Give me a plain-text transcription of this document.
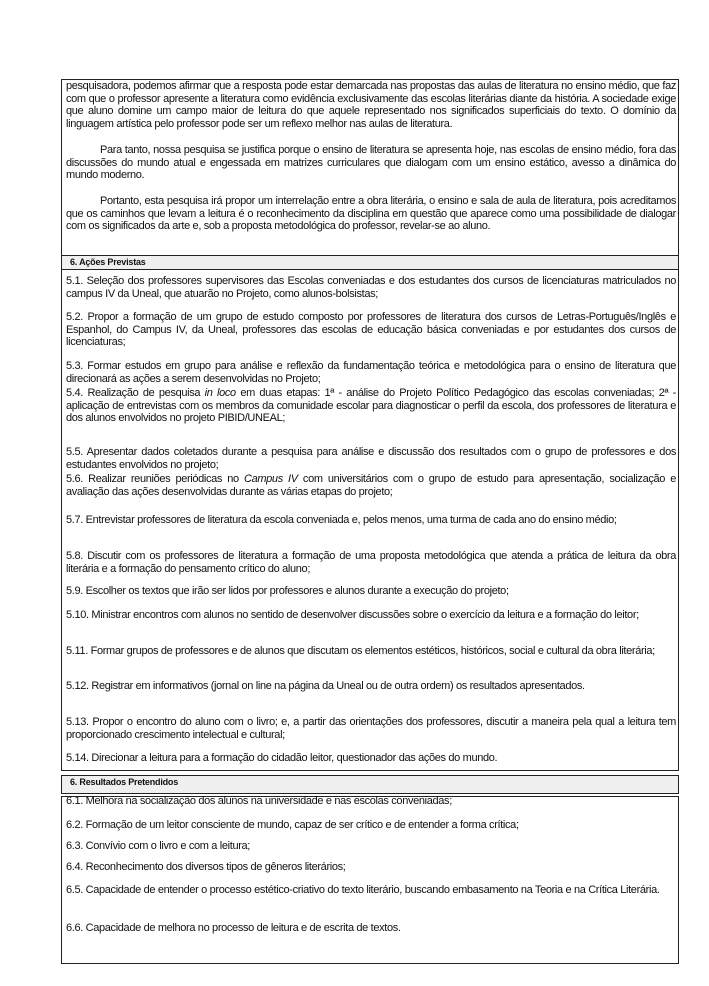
pesquisadora, podemos afirmar que a resposta pode estar demarcada nas propostas das aulas de literatura no ensino médio, que faz com que o professor apresente a literatura como evidência exclusivamente das escolas literárias diante da história. A sociedade exige que aluno domine um campo maior de leitura do que aquele representado nos significados superficiais do texto. O domínio da linguagem artística pelo professor pode ser um reflexo melhor nas aulas de literatura.

Para tanto, nossa pesquisa se justifica porque o ensino de literatura se apresenta hoje, nas escolas de ensino médio, fora das discussões do mundo atual e engessada em matrizes curriculares que dialogam com um ensino estático, avesso a dinâmica do mundo moderno.

Portanto, esta pesquisa irá propor um interrelação entre a obra literária, o ensino e sala de aula de literatura, pois acreditamos que os caminhos que levam a leitura é o reconhecimento da disciplina em questão que aparece como uma possibilidade de dialogar com os significados da arte e, sob a proposta metodológica do professor, revelar-se ao aluno.

6. Ações Previstas

5.1. Seleção dos professores supervisores das Escolas conveniadas e dos estudantes dos cursos de licenciaturas matriculados no campus IV da Uneal, que atuarão no Projeto, como alunos-bolsistas;

5.2. Propor a formação de um grupo de estudo composto por professores de literatura dos cursos de Letras-Português/Inglês e Espanhol, do Campus IV, da Uneal, professores das escolas de educação básica conveniadas e por estudantes dos cursos de licenciaturas;

5.3. Formar estudos em grupo para análise e reflexão da fundamentação teórica e metodológica para o ensino de literatura que direcionará as ações a serem desenvolvidas no Projeto;

5.4. Realização de pesquisa in loco em duas etapas: 1ª - análise do Projeto Político Pedagógico das escolas conveniadas; 2ª - aplicação de entrevistas com os membros da comunidade escolar para diagnosticar o perfil da escola, dos professores de literatura e dos alunos envolvidos no projeto PIBID/UNEAL;

5.5. Apresentar dados coletados durante a pesquisa para análise e discussão dos resultados com o grupo de professores e dos estudantes envolvidos no projeto;

5.6. Realizar reuniões periódicas no Campus IV com universitários com o grupo de estudo para apresentação, socialização e avaliação das ações desenvolvidas durante as várias etapas do projeto;

5.7. Entrevistar professores de literatura da escola conveniada e, pelos menos, uma turma de cada ano do ensino médio;

5.8. Discutir com os professores de literatura a formação de uma proposta metodológica que atenda a prática de leitura da obra literária e a formação do pensamento crítico do aluno;

5.9. Escolher os textos que irão ser lidos por professores e alunos durante a execução do projeto;

5.10. Ministrar encontros com alunos no sentido de desenvolver discussões sobre o exercício da leitura e a formação do leitor;

5.11. Formar grupos de professores e de alunos que discutam os elementos estéticos, históricos, social e cultural da obra literária;

5.12. Registrar em informativos (jornal on line na página da Uneal ou de outra ordem) os resultados apresentados.

5.13. Propor o encontro do aluno com o livro; e, a partir das orientações dos professores, discutir a maneira pela qual a leitura tem proporcionado crescimento intelectual e cultural;

5.14. Direcionar a leitura para a formação do cidadão leitor, questionador das ações do mundo.

6. Resultados Pretendidos

6.1. Melhora na socialização dos alunos na universidade e nas escolas conveniadas;

6.2. Formação de um leitor consciente de mundo, capaz de ser crítico e de entender a forma crítica;

6.3. Convívio com o livro e com a leitura;

6.4. Reconhecimento dos diversos tipos de gêneros literários;

6.5. Capacidade de entender o processo estético-criativo do texto literário, buscando embasamento na Teoria e na Crítica Literária.

6.6. Capacidade de melhora no processo de leitura e de escrita de textos.
